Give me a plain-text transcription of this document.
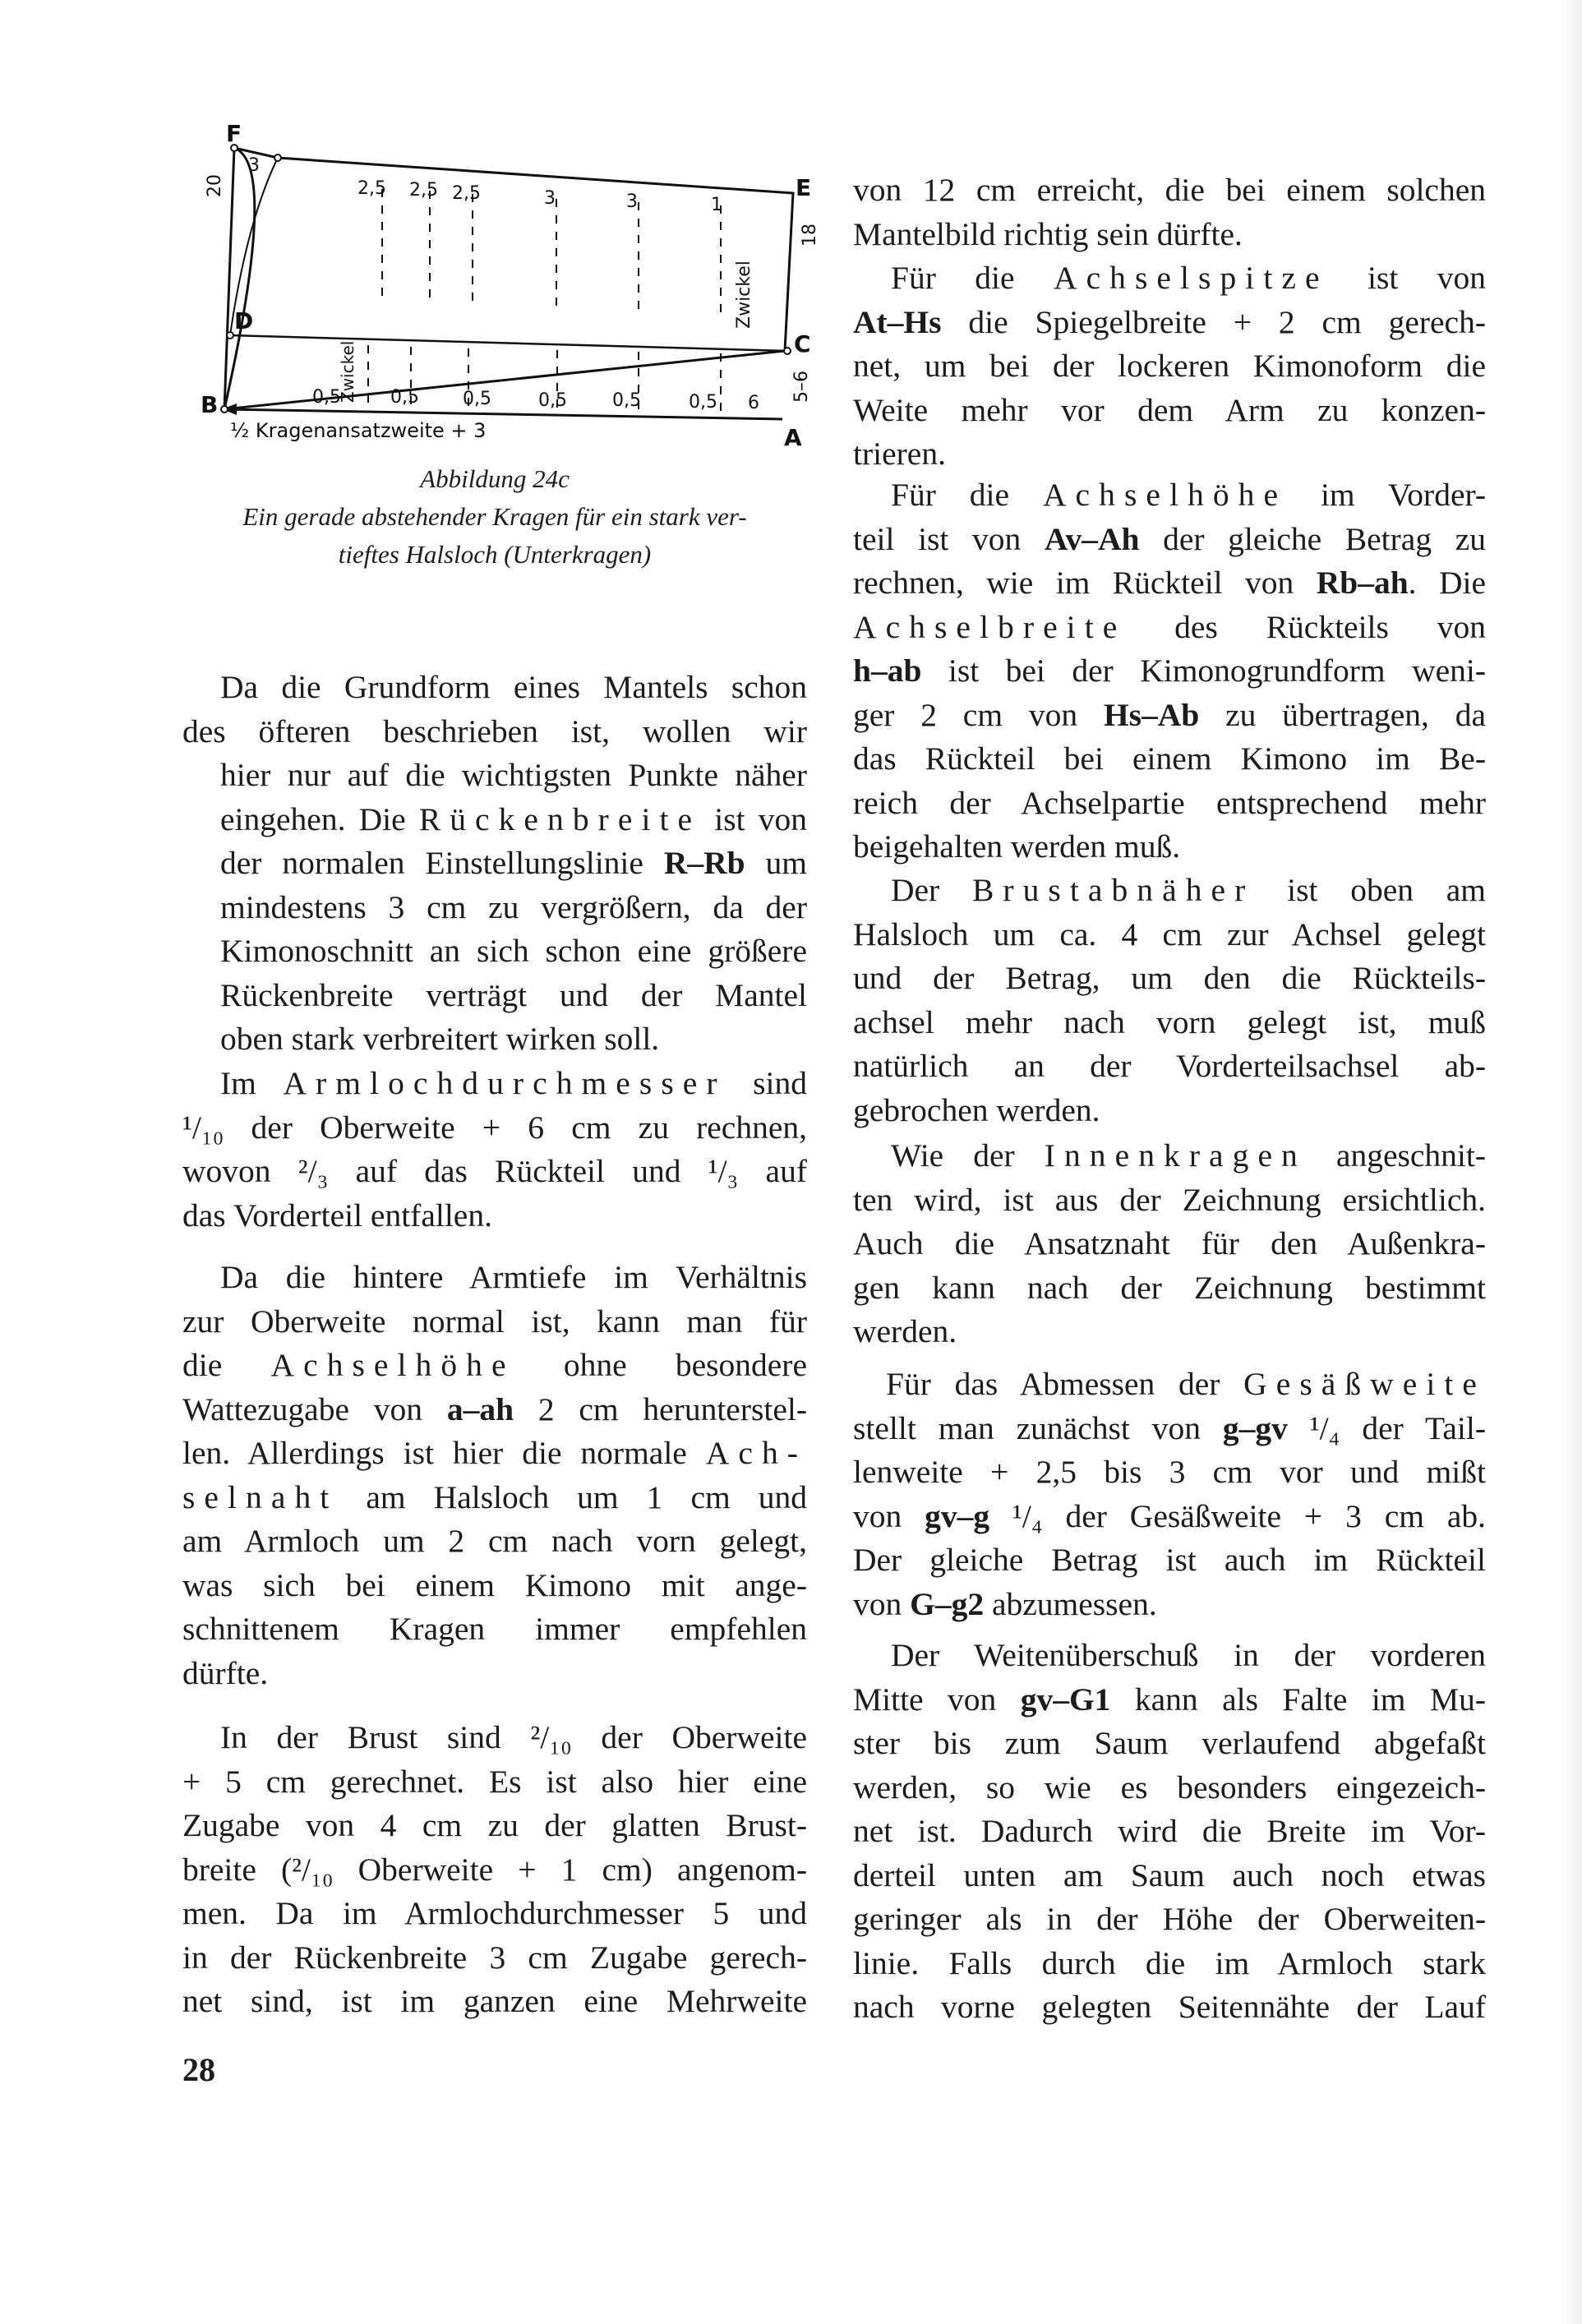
F
E
D
C
B
A
20
3
2,5 2,5 2,5	3	3	1
18
5–6
0,5	0,5 0,5	0,5	0,5	0,5 6
Zwickel
Zwickel
½ Kragenansatzweite + 3
Abbildung 24c
Ein gerade abstehender Kragen für ein stark ver-
tieftes Halsloch (Unterkragen)

Da die Grundform eines Mantels schon
des öfteren beschrieben ist, wollen wir
hier nur auf die wichtigsten Punkte näher
eingehen. Die Rückenbreite ist von
der normalen Einstellungslinie R–Rb um
mindestens 3 cm zu vergrößern, da der
Kimonoschnitt an sich schon eine größere
Rückenbreite verträgt und der Mantel
oben stark verbreitert wirken soll.

Im Armlochdurchmesser sind
¹/₁₀ der Oberweite + 6 cm zu rechnen,
wovon ²/₃ auf das Rückteil und ¹/₃ auf
das Vorderteil entfallen.
Da die hintere Armtiefe im Verhältnis
zur Oberweite normal ist, kann man für
die Achselhöhe ohne besondere
Wattezugabe von a–ah 2 cm herunterstel-
len. Allerdings ist hier die normale Ach-
selnaht am Halsloch um 1 cm und
am Armloch um 2 cm nach vorn gelegt,
was sich bei einem Kimono mit ange-
schnittenem Kragen immer empfehlen
dürfte.
In der Brust sind ²/₁₀ der Oberweite
+ 5 cm gerechnet. Es ist also hier eine
Zugabe von 4 cm zu der glatten Brust-
breite (²/₁₀ Oberweite + 1 cm) angenom-
men. Da im Armlochdurchmesser 5 und
in der Rückenbreite 3 cm Zugabe gerech-
net sind, ist im ganzen eine Mehrweite
von 12 cm erreicht, die bei einem solchen
Mantelbild richtig sein dürfte.
Für die Achselspitze ist von
At–Hs die Spiegelbreite + 2 cm gerech-
net, um bei der lockeren Kimonoform die
Weite mehr vor dem Arm zu konzen-
trieren.
Für die Achselhöhe im Vorder-
teil ist von Av–Ah der gleiche Betrag zu
rechnen, wie im Rückteil von Rb–ah. Die
Achselbreite des Rückteils von
h–ab ist bei der Kimonogrundform weni-
ger 2 cm von Hs–Ab zu übertragen, da
das Rückteil bei einem Kimono im Be-
reich der Achselpartie entsprechend mehr
beigehalten werden muß.
Der Brustabnäher ist oben am
Halsloch um ca. 4 cm zur Achsel gelegt
und der Betrag, um den die Rückteils-
achsel mehr nach vorn gelegt ist, muß
natürlich an der Vorderteilsachsel ab-
gebrochen werden.
Wie der Innenkragen angeschnit-
ten wird, ist aus der Zeichnung ersichtlich.
Auch die Ansatznaht für den Außenkra-
gen kann nach der Zeichnung bestimmt
werden.
Für das Abmessen der Gesäßweite
stellt man zunächst von g–gv ¹/₄ der Tail-
lenweite + 2,5 bis 3 cm vor und mißt
von gv–g ¹/₄ der Gesäßweite + 3 cm ab.
Der gleiche Betrag ist auch im Rückteil
von G–g2 abzumessen.
Der Weitenüberschuß in der vorderen
Mitte von gv–G1 kann als Falte im Mu-
ster bis zum Saum verlaufend abgefaßt
werden, so wie es besonders eingezeich-
net ist. Dadurch wird die Breite im Vor-
derteil unten am Saum auch noch etwas
geringer als in der Höhe der Oberweiten-
linie. Falls durch die im Armloch stark
nach vorne gelegten Seitennähte der Lauf
28
